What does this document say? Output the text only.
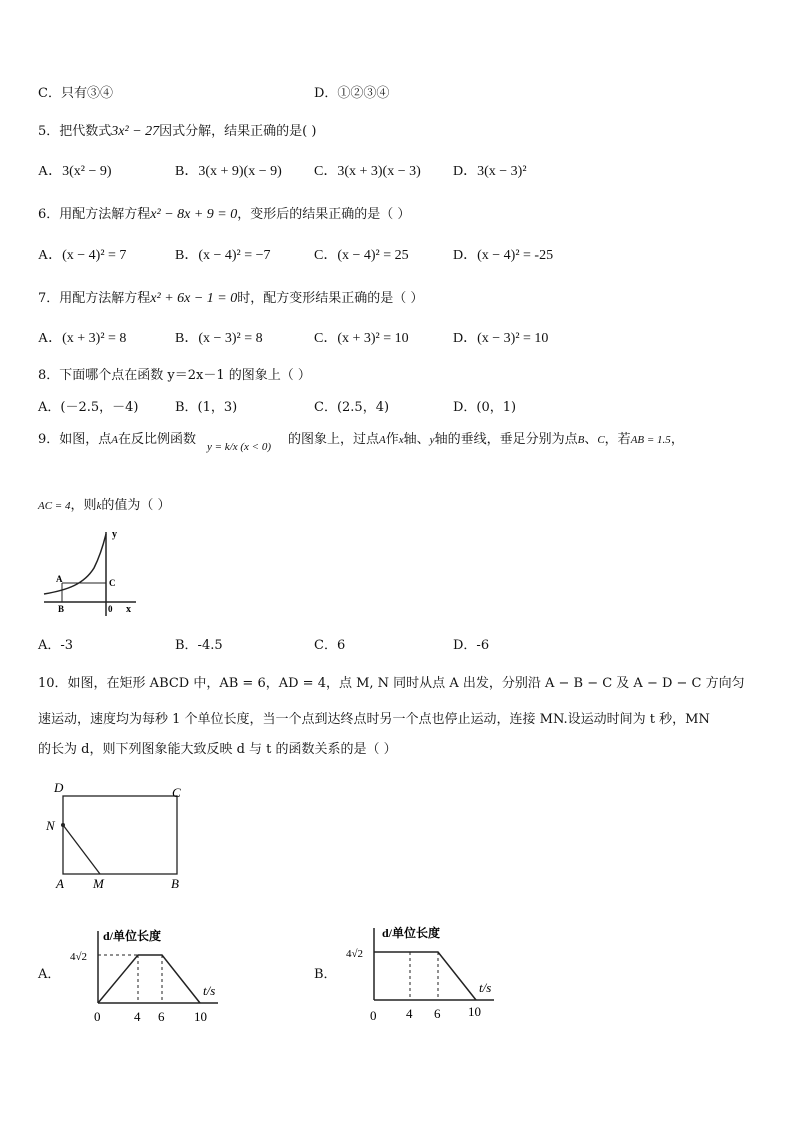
C．只有③④	D．①②③④
5．把代数式3x² − 27因式分解，结果正确的是( )
A．3(x² − 9)	B．3(x + 9)(x − 9) C．3(x + 3)(x − 3) D．3(x − 3)²
6．用配方法解方程x² − 8x + 9 = 0，变形后的结果正确的是（ ）
A．(x − 4)² = 7	B．(x − 4)² = −7	C．(x − 4)² = 25	D．(x − 4)² = -25
7．用配方法解方程x² + 6x − 1 = 0时，配方变形结果正确的是（ ）
A．(x + 3)² = 8	B．(x − 3)² = 8	C．(x + 3)² = 10	D．(x − 3)² = 10
8．下面哪个点在函数 y＝2x－1 的图象上（ ）
A．(－2.5，－4)	B．(1，3)	C．(2.5，4)	D．(0，1)
9．如图，点A在反比例函数 y = k/x (x < 0) 的图象上，过点A作x轴、y轴的垂线，垂足分别为点B、C，若AB = 1.5，
AC = 4，则k的值为（ ）
y
x
A
B
C
0
A．-3	B．-4.5	C．6	D．-6
10．如图，在矩形 ABCD 中，AB = 6，AD = 4，点 M, N 同时从点 A 出发，分别沿 A − B − C 及 A − D − C 方向匀
速运动，速度均为每秒 1 个单位长度，当一个点到达终点时另一个点也停止运动，连接 MN.设运动时间为 t 秒，MN
的长为 d，则下列图象能大致反映 d 与 t 的函数关系的是（ ）
D	C
N
A M	B
A．
d/单位长度
4√2
t/s
0	4 6 10
B．
d/单位长度
4√2
t/s
0 4 6 10
